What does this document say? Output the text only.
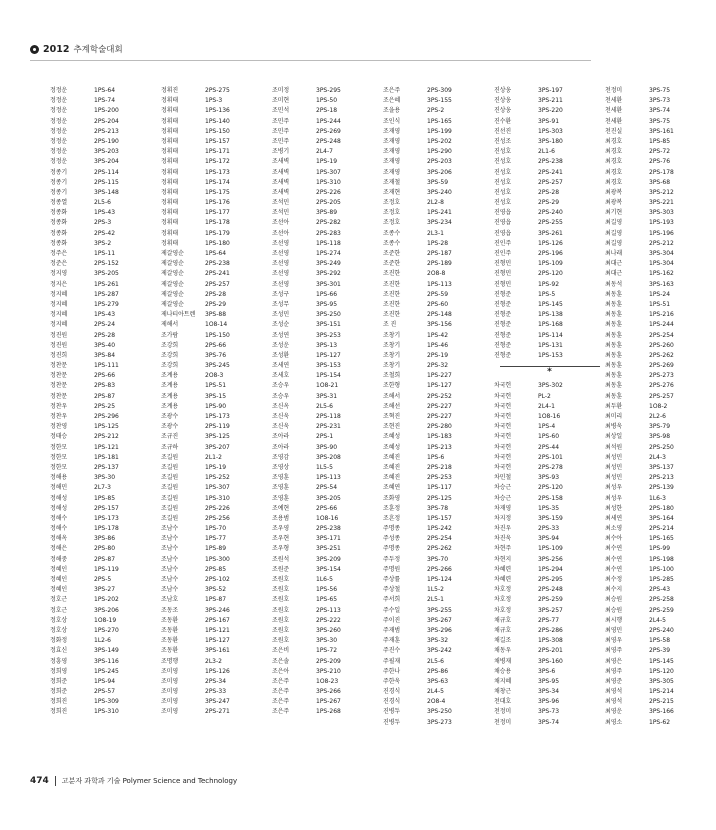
2012 추계학술대회
정정운	1PS-64
정정운	1PS-74
정정운	1PS-200
정정운	2PS-204
정정운	2PS-213
정정운	2PS-190
정정운	3PS-203
정정운	3PS-204
정종기	2PS-114
정종기	2PS-115
정종기	3PS-148
정종열	2L5-6
정종화	1PS-43
정종화	2PS-3
정종화	2PS-42
정종화	3PS-2
정주은	1PS-11
정준은	2PS-152
정지영	3PS-205
정지은	1PS-261
정지혜	1PS-287
정지혜	1PS-279
정지혜	1PS-43
정지혜	2PS-24
정진원	2PS-28
정진원	3PS-40
정진희	3PS-84
정찬문	1PS-111
정찬문	2PS-66
정찬문	2PS-83
정찬문	2PS-87
정찬우	2PS-25
정찬우	2PS-296
정찬영	1PS-125
정태승	2PS-212
정한모	1PS-121
정한모	1PS-181
정한모	2PS-137
정해용	3PS-30
정해민	2L7-3
정해성	1PS-85
정해성	2PS-157
정해수	1PS-173
정해수	1PS-178
정해옥	3PS-86
정해은	2PS-80
정해중	2PS-87
정혜인	1PS-119
정혜인	2PS-5
정혜인	3PS-27
정호근	1PS-202
정호근	3PS-206
정호상	1O8-19
정호상	1PS-270
정화정	1L2-6
정효신	3PS-149
정흥영	3PS-116
정희영	1PS-245
정희준	1PS-94
정희준	2PS-57
정희진	1PS-309
정희진	1PS-310
정휘진	2PS-275
정휘태	1PS-3
정휘태	1PS-136
정휘태	1PS-140
정휘태	1PS-150
정휘태	1PS-157
정휘태	1PS-171
정휘태	1PS-172
정휘태	1PS-173
정휘태	1PS-174
정휘태	1PS-175
정휘태	1PS-176
정휘태	1PS-177
정휘태	1PS-178
정휘태	1PS-179
정휘태	1PS-180
제갈영순	1PS-64
제갈영순	2PS-238
제갈영순	2PS-241
제갈영순	2PS-257
제갈영순	2PS-28
제갈영순	2PS-29
제나티아트렌	3PS-88
제해서	1O8-14
조가람	1PS-150
조강희	2PS-66
조강희	3PS-76
조강희	3PS-245
조계용	2O8-3
조계용	1PS-51
조계용	3PS-15
조계용	1PS-90
조광수	1PS-173
조광수	2PS-119
조규진	3PS-125
조규하	3PS-207
조길원	2L1-2
조길원	1PS-19
조길원	1PS-252
조길원	1PS-307
조길원	1PS-310
조길원	2PS-226
조길원	2PS-256
조남수	1PS-70
조남수	1PS-77
조남수	1PS-89
조남수	1PS-300
조남수	2PS-85
조남수	2PS-102
조남수	3PS-52
조남호	1PS-87
조동조	3PS-246
조동환	2PS-167
조동환	1PS-121
조동환	1PS-127
조동환	3PS-161
조명행	2L3-2
조미영	1PS-126
조미영	2PS-34
조미영	2PS-33
조미영	3PS-247
조미영	2PS-271
조미정	3PS-295
조미현	1PS-50
조민석	2PS-18
조민주	1PS-244
조민주	2PS-269
조민주	2PS-248
조병기	2L4-7
조새벽	1PS-19
조새벽	1PS-307
조새벽	1PS-310
조새벽	2PS-226
조석민	2PS-205
조석민	3PS-89
조선아	2PS-282
조선아	2PS-283
조선영	1PS-118
조선영	1PS-274
조선영	3PS-249
조선영	3PS-292
조선영	3PS-301
조성구	1PS-66
조성무	3PS-95
조성민	3PS-250
조성순	3PS-151
조성연	3PS-253
조성운	3PS-13
조성환	1PS-127
조세연	3PS-153
조세호	1PS-154
조승우	1O8-21
조승우	3PS-31
조신옥	2L5-6
조신욱	2PS-118
조신욱	2PS-231
조아라	2PS-1
조아라	3PS-90
조영감	3PS-208
조영상	1L5-5
조영훈	1PS-113
조영훈	2PS-54
조영훈	3PS-205
조예현	2PS-66
조용범	1O8-16
조우영	2PS-238
조우현	3PS-171
조우형	3PS-251
조원석	3PS-209
조원준	3PS-154
조원호	1L6-5
조원호	1PS-56
조원호	1PS-65
조원호	2PS-113
조원호	2PS-222
조원호	3PS-260
조원호	3PS-30
조은비	1PS-72
조은솔	2PS-209
조은아	3PS-210
조은주	1O8-23
조은주	3PS-266
조은주	1PS-267
조은주	1PS-268
조은주	2PS-309
조은혜	3PS-155
조을용	2PS-2
조인식	1PS-165
조재영	1PS-199
조재영	1PS-202
조재영	1PS-290
조재영	2PS-203
조재영	3PS-206
조재철	3PS-59
조재현	3PS-240
조정호	2L2-8
조정호	1PS-241
조정호	3PS-234
조종수	2L3-1
조종수	1PS-28
조준한	2PS-187
조준한	2PS-189
조진한	2O8-8
조진한	1PS-113
조진한	2PS-59
조진한	2PS-60
조진한	2PS-148
조 진	3PS-156
조창기	1PS-42
조창기	1PS-46
조창기	2PS-19
조창기	2PS-32
조철희	1PS-227
조한형	1PS-127
조해서	2PS-252
조해선	2PS-227
조혁진	2PS-227
조현진	2PS-280
조혜성	1PS-183
조혜성	1PS-213
조혜진	1PS-6
조혜진	2PS-218
조혜진	2PS-253
조혜연	1PS-117
조화영	2PS-125
조훈정	3PS-78
조흔정	1PS-157
주명종	1PS-242
주성종	2PS-254
주명종	2PS-262
주두정	3PS-70
주명원	2PS-266
주상률	1PS-124
주상철	1L5-2
주서희	2L5-1
주수일	3PS-255
주이진	3PS-267
주재범	3PS-296
주재훈	3PS-32
주진수	3PS-242
주필재	2L5-6
주한나	2PS-86
주한욱	3PS-63
진경식	2L4-5
진경식	2O8-4
진병두	3PS-250
진병두	3PS-273
진상웅	3PS-197
진상웅	3PS-211
진상웅	3PS-220
진수환	3PS-91
진선진	1PS-303
진성조	3PS-180
진성호	2L1-6
진성호	2PS-238
진성호	2PS-241
진성호	2PS-257
진성호	2PS-28
진성호	2PS-29
진영읍	2PS-240
진영읍	2PS-255
진영읍	3PS-261
진인주	1PS-126
진인주	2PS-196
진형민	1PS-109
진형민	2PS-120
진형민	1PS-92
진형준	1PS-5
진형준	1PS-145
진형준	1PS-138
진형준	1PS-168
진형준	1PS-114
진형준	1PS-131
진형준	1PS-153
*
차국헌	3PS-302
차국헌	PL-2
차국헌	2L4-1
차국헌	1O8-16
차국헌	1PS-4
차국헌	1PS-60
차국헌	2PS-44
차국헌	2PS-101
차국헌	2PS-278
차민철	3PS-93
차승근	2PS-120
차승근	2PS-158
차재영	1PS-35
차지정	3PS-159
차진우	2PS-33
차진욱	3PS-94
차현주	1PS-109
차현지	3PS-256
차혜련	1PS-294
차혜련	2PS-295
차호정	2PS-248
차호정	2PS-259
차호정	3PS-257
채규호	2PS-77
채규호	2PS-286
채길조	1PS-308
채동우	2PS-201
채병재	3PS-160
채승용	3PS-6
채지혜	3PS-95
채창근	3PS-34
천대호	3PS-96
천정미	3PS-73
천정미	3PS-74
천정미	3PS-75
천세환	3PS-73
천세환	3PS-74
천세환	3PS-75
천진실	3PS-161
최경호	1PS-85
최경호	2PS-72
최경호	2PS-76
최경호	2PS-178
최경호	3PS-68
최광복	3PS-212
최광복	3PS-221
최기현	3PS-303
최길영	1PS-193
최길영	1PS-196
최길영	2PS-212
최나래	3PS-304
최대근	1PS-304
최대근	1PS-162
최동석	3PS-163
최동훈	1PS-24
최동훈	1PS-51
최동훈	1PS-216
최동훈	1PS-244
최동훈	2PS-254
최동훈	2PS-260
최동훈	2PS-262
최동훈	2PS-269
최동훈	2PS-273
최동훈	2PS-276
최동훈	2PS-257
최두환	1O8-2
최미리	2L2-6
최병욱	3PS-79
최상일	3PS-98
최석원	2PS-250
최성민	2L4-3
최성민	3PS-137
최성민	2PS-213
최성우	2PS-139
최성우	1L6-3
최성한	2PS-180
최세연	3PS-164
최소영	2PS-214
최수아	1PS-165
최수연	1PS-99
최수연	1PS-198
최수연	1PS-100
최수정	1PS-285
최수지	2PS-43
최승원	2PS-258
최승원	2PS-259
최시행	2L4-5
최영민	2PS-240
최영우	1PS-58
최영주	2PS-39
최영은	1PS-145
최영주	1PS-120
최영준	3PS-305
최영석	1PS-214
최영석	2PS-215
최영운	3PS-166
최영소	1PS-62
474 고분자 과학과 기술 Polymer Science and Technology
